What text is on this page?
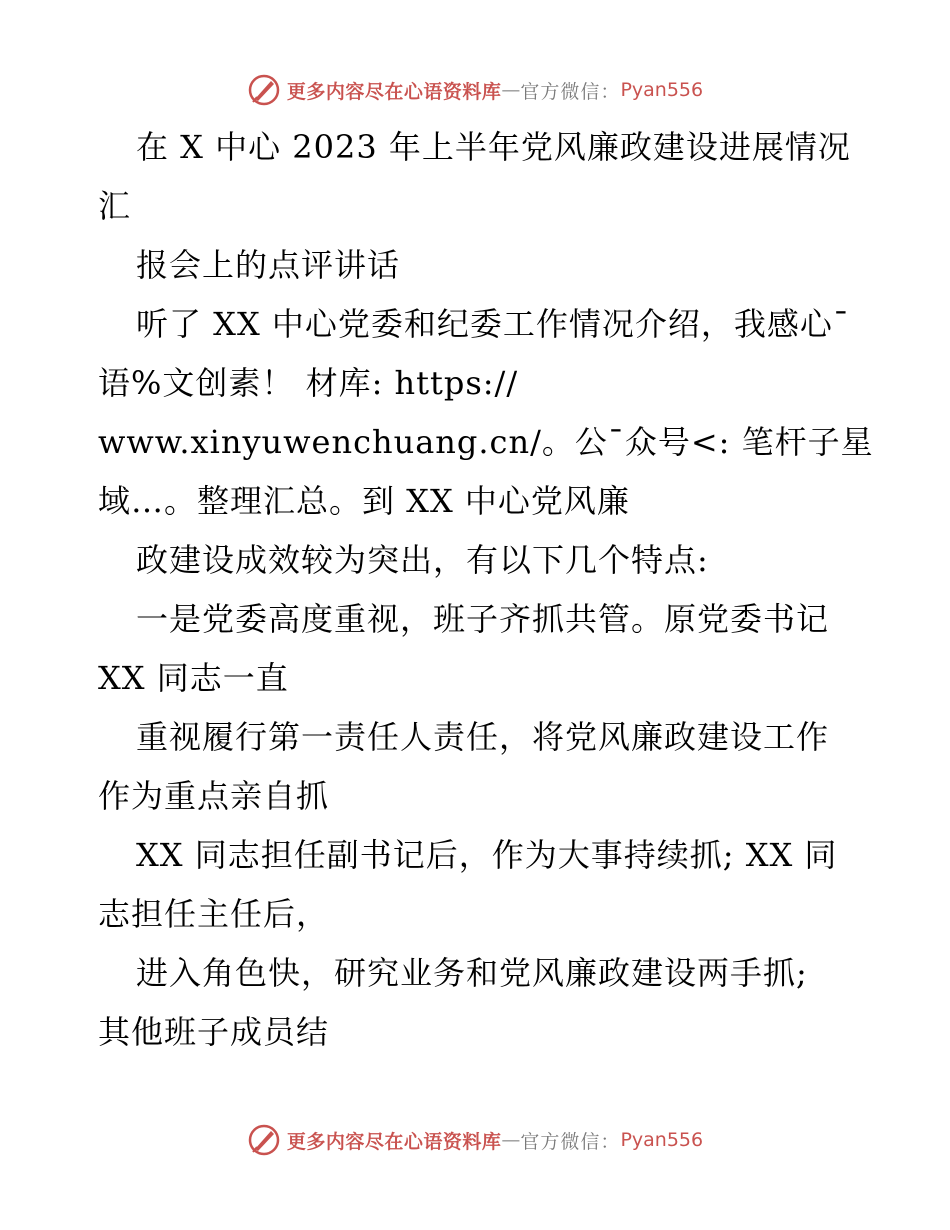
更多内容尽在心语资料库 — 官方微信： Pyan556
在 X 中心 2023 年上半年党风廉政建设进展情况
汇
报会上的点评讲话
听了 XX 中心党委和纪委工作情况介绍，我感心¯
语%文创素！ 材库: https://
www.xinyuwenchuang.cn/。公¯众号<: 笔杆子星
域…。整理汇总。到 XX 中心党风廉
政建设成效较为突出，有以下几个特点:
一是党委高度重视，班子齐抓共管。原党委书记
XX 同志一直
重视履行第一责任人责任，将党风廉政建设工作
作为重点亲自抓
XX 同志担任副书记后，作为大事持续抓; XX 同
志担任主任后，
进入角色快，研究业务和党风廉政建设两手抓;
其他班子成员结
更多内容尽在心语资料库 — 官方微信： Pyan556
